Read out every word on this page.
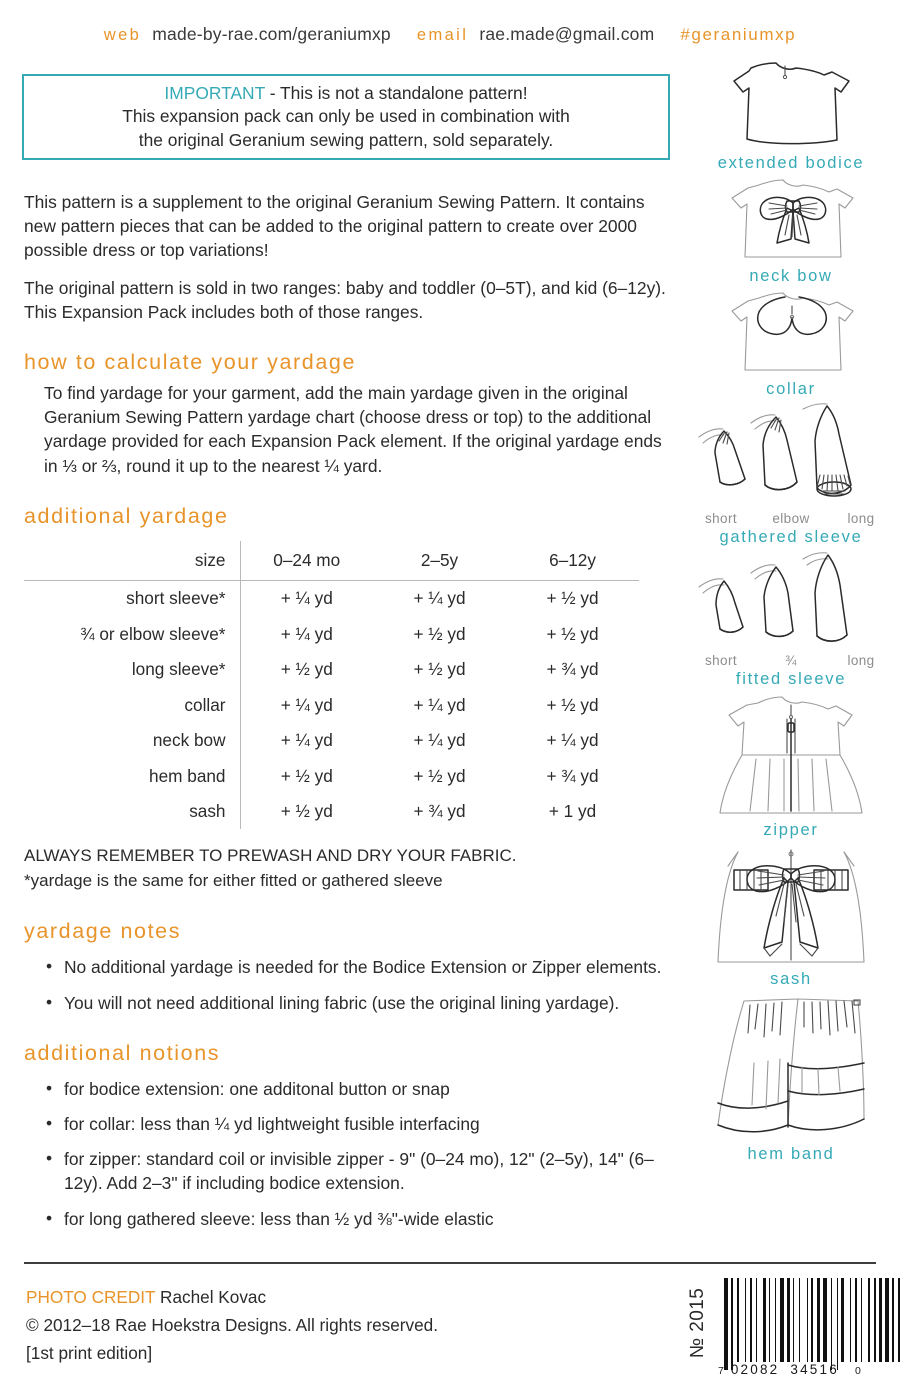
web made-by-rae.com/geraniumxp email rae.made@gmail.com #geraniumxp
IMPORTANT - This is not a standalone pattern!
This expansion pack can only be used in combination with
the original Geranium sewing pattern, sold separately.

This pattern is a supplement to the original Geranium Sewing Pattern. It contains new pattern pieces that can be added to the original pattern to create over 2000 possible dress or top variations!

The original pattern is sold in two ranges: baby and toddler (0–5T), and kid (6–12y). This Expansion Pack includes both of those ranges.

how to calculate your yardage
To find yardage for your garment, add the main yardage given in the original Geranium Sewing Pattern yardage chart (choose dress or top) to the additional yardage provided for each Expansion Pack element. If the original yardage ends in ⅓ or ⅔, round it up to the nearest ¼ yard.
additional yardage
size	0–24 mo	2–5y	6–12y
short sleeve*	+ ¼ yd	+ ¼ yd	+ ½ yd
¾ or elbow sleeve*	+ ¼ yd	+ ½ yd	+ ½ yd
long sleeve*	+ ½ yd	+ ½ yd	+ ¾ yd
collar	+ ¼ yd	+ ¼ yd	+ ½ yd
neck bow	+ ¼ yd	+ ¼ yd	+ ¼ yd
hem band	+ ½ yd	+ ½ yd	+ ¾ yd
sash	+ ½ yd	+ ¾ yd	+ 1 yd
ALWAYS REMEMBER TO PREWASH AND DRY YOUR FABRIC.
*yardage is the same for either fitted or gathered sleeve
yardage notes
• No additional yardage is needed for the Bodice Extension or Zipper elements.
• You will not need additional lining fabric (use the original lining yardage).
additional notions
• for bodice extension: one additonal button or snap
• for collar: less than ¼ yd lightweight fusible interfacing
• for zipper: standard coil or invisible zipper - 9" (0–24 mo), 12" (2–5y), 14" (6–12y). Add 2–3" if including bodice extension.
• for long gathered sleeve: less than ½ yd ⅜"-wide elastic
PHOTO CREDIT Rachel Kovac
© 2012–18 Rae Hoekstra Designs. All rights reserved.
[1st print edition]	№ 2015
7 02082 34516 0
extended bodice
neck bow
collar
short	elbow	long
gathered sleeve
short	¾	long
fitted sleeve
zipper
sash
hem band
